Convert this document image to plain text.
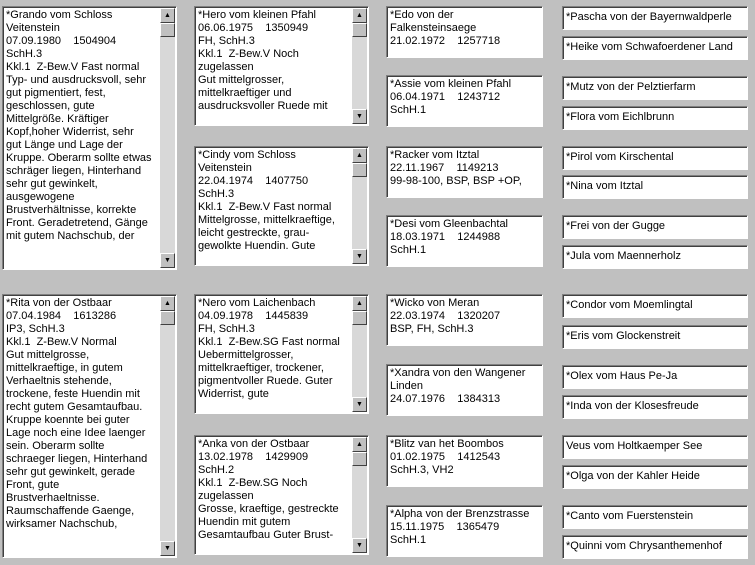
*Grando vom Schloss
Veitenstein
07.09.1980    1504904
SchH.3
Kkl.1  Z-Bew.V Fast normal
Typ- und ausdrucksvoll, sehr
gut pigmentiert, fest,
geschlossen, gute
Mittelgröße. Kräftiger
Kopf,hoher Widerrist, sehr
gut Länge und Lage der
Kruppe. Oberarm sollte etwas
schräger liegen, Hinterhand
sehr gut gewinkelt,
ausgewogene
Brustverhältnisse, korrekte
Front. Geradetretend, Gänge
mit gutem Nachschub, der
▲
▼
*Hero vom kleinen Pfahl
06.06.1975    1350949
FH, SchH.3
Kkl.1  Z-Bew.V Noch
zugelassen
Gut mittelgrosser,
mittelkraeftiger und
ausdrucksvoller Ruede mit
▲
▼
*Cindy vom Schloss
Veitenstein
22.04.1974    1407750
SchH.3
Kkl.1  Z-Bew.V Fast normal
Mittelgrosse, mittelkraeftige,
leicht gestreckte, grau-
gewolkte Huendin. Gute
▲
▼
*Edo von der
Falkensteinsaege
21.02.1972    1257718
*Assie vom kleinen Pfahl
06.04.1971    1243712
SchH.1
*Racker vom Itztal
22.11.1967    1149213
99-98-100, BSP, BSP +OP,
*Desi vom Gleenbachtal
18.03.1971    1244988
SchH.1
*Pascha von der Bayernwaldperle
*Heike vom Schwafoerdener Land
*Mutz von der Pelztierfarm
*Flora vom Eichlbrunn
*Pirol vom Kirschental
*Nina vom Itztal
*Frei von der Gugge
*Jula vom Maennerholz
*Rita von der Ostbaar
07.04.1984    1613286
IP3, SchH.3
Kkl.1  Z-Bew.V Normal
Gut mittelgrosse,
mittelkraeftige, in gutem
Verhaeltnis stehende,
trockene, feste Huendin mit
recht gutem Gesamtaufbau.
Kruppe koennte bei guter
Lage noch eine Idee laenger
sein. Oberarm sollte
schraeger liegen, Hinterhand
sehr gut gewinkelt, gerade
Front, gute
Brustverhaeltnisse.
Raumschaffende Gaenge,
wirksamer Nachschub,
▲
▼
*Nero vom Laichenbach
04.09.1978    1445839
FH, SchH.3
Kkl.1  Z-Bew.SG Fast normal
Uebermittelgrosser,
mittelkraeftiger, trockener,
pigmentvoller Ruede. Guter
Widerrist, gute
▲
▼
*Anka von der Ostbaar
13.02.1978    1429909
SchH.2
Kkl.1  Z-Bew.SG Noch
zugelassen
Grosse, kraeftige, gestreckte
Huendin mit gutem
Gesamtaufbau Guter Brust-
▲
▼
*Wicko von Meran
22.03.1974    1320207
BSP, FH, SchH.3
*Xandra von den Wangener
Linden
24.07.1976    1384313
*Blitz van het Boombos
01.02.1975    1412543
SchH.3, VH2
*Alpha von der Brenzstrasse
15.11.1975    1365479
SchH.1
*Condor vom Moemlingtal
*Eris vom Glockenstreit
*Olex vom Haus Pe-Ja
*Inda von der Klosesfreude
Veus vom Holtkaemper See
*Olga von der Kahler Heide
*Canto vom Fuerstenstein
*Quinni vom Chrysanthemenhof
